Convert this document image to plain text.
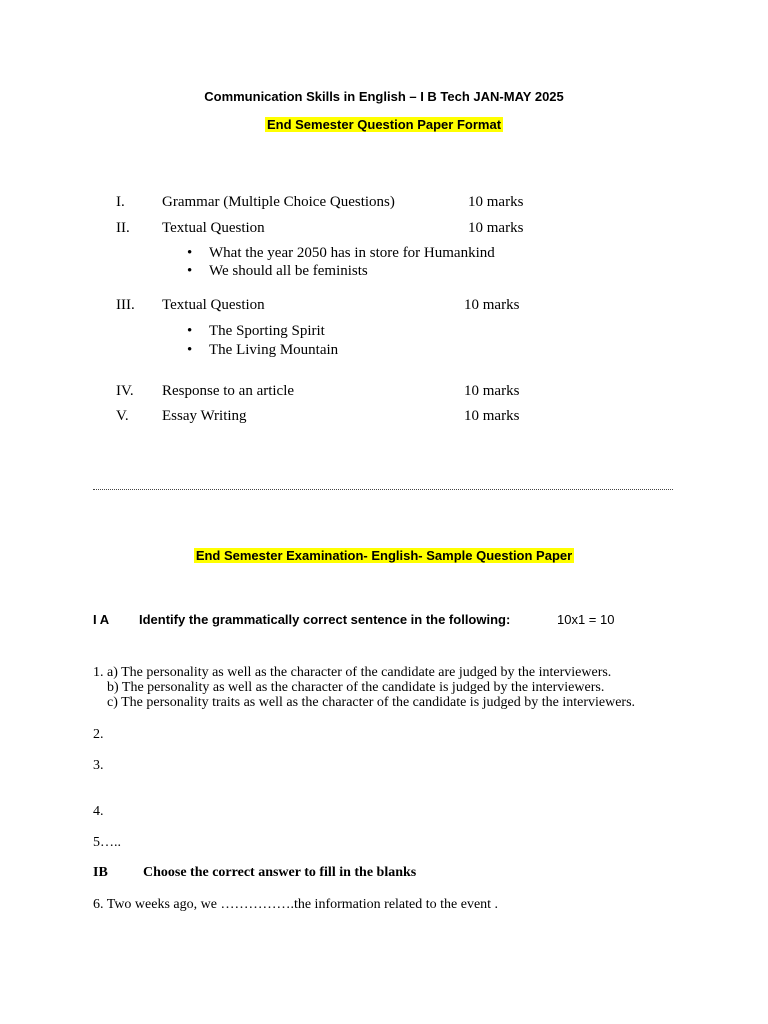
Communication Skills in English – I B Tech JAN-MAY 2025
End Semester Question Paper Format
I. Grammar (Multiple Choice Questions)	10 marks
II. Textual Question	10 marks
• What the year 2050 has in store for Humankind
• We should all be feminists
III. Textual Question	10 marks
• The Sporting Spirit
• The Living Mountain
IV. Response to an article	10 marks
V. Essay Writing	10 marks
End Semester Examination- English- Sample Question Paper
I A Identify the grammatically correct sentence in the following:	10x1 = 10
1. a) The personality as well as the character of the candidate are judged by the interviewers.
b) The personality as well as the character of the candidate is judged by the interviewers.
c) The personality traits as well as the character of the candidate is judged by the interviewers.
2.
3.
4.
5…..
IB	Choose the correct answer to fill in the blanks
6. Two weeks ago, we …………….the information related to the event .
